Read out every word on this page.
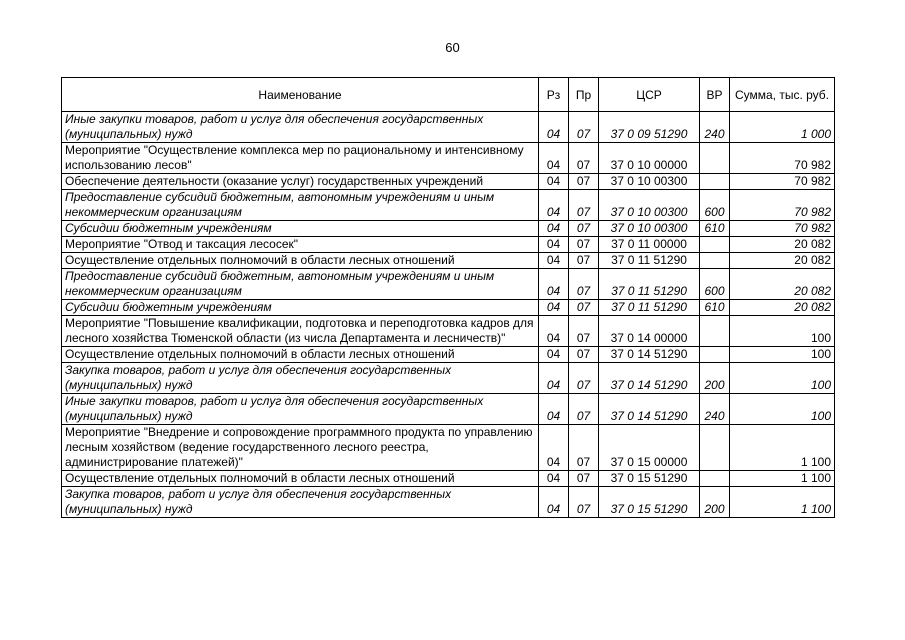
60
Наименование	Рз	Пр	ЦСР	ВР	Сумма, тыс. руб.
Иные закупки товаров, работ и услуг для обеспечения государственных (муниципальных) нужд	04	07	37 0 09 51290	240	1 000
Мероприятие "Осуществление комплекса мер по рациональному и интенсивному использованию лесов"	04	07	37 0 10 00000		70 982
Обеспечение деятельности (оказание услуг) государственных учреждений	04	07	37 0 10 00300		70 982
Предоставление субсидий бюджетным, автономным учреждениям и иным некоммерческим организациям	04	07	37 0 10 00300	600	70 982
Субсидии бюджетным учреждениям	04	07	37 0 10 00300	610	70 982
Мероприятие "Отвод и таксация лесосек"	04	07	37 0 11 00000		20 082
Осуществление отдельных полномочий в области лесных отношений	04	07	37 0 11 51290		20 082
Предоставление субсидий бюджетным, автономным учреждениям и иным некоммерческим организациям	04	07	37 0 11 51290	600	20 082
Субсидии бюджетным учреждениям	04	07	37 0 11 51290	610	20 082
Мероприятие "Повышение квалификации, подготовка и переподготовка кадров для лесного хозяйства Тюменской области (из числа Департамента и лесничеств)"	04	07	37 0 14 00000		100
Осуществление отдельных полномочий в области лесных отношений	04	07	37 0 14 51290		100
Закупка товаров, работ и услуг для обеспечения государственных (муниципальных) нужд	04	07	37 0 14 51290	200	100
Иные закупки товаров, работ и услуг для обеспечения государственных (муниципальных) нужд	04	07	37 0 14 51290	240	100
Мероприятие "Внедрение и сопровождение программного продукта по управлению лесным хозяйством (ведение государственного лесного реестра, администрирование платежей)"	04	07	37 0 15 00000		1 100
Осуществление отдельных полномочий в области лесных отношений	04	07	37 0 15 51290		1 100
Закупка товаров, работ и услуг для обеспечения государственных (муниципальных) нужд	04	07	37 0 15 51290	200	1 100
